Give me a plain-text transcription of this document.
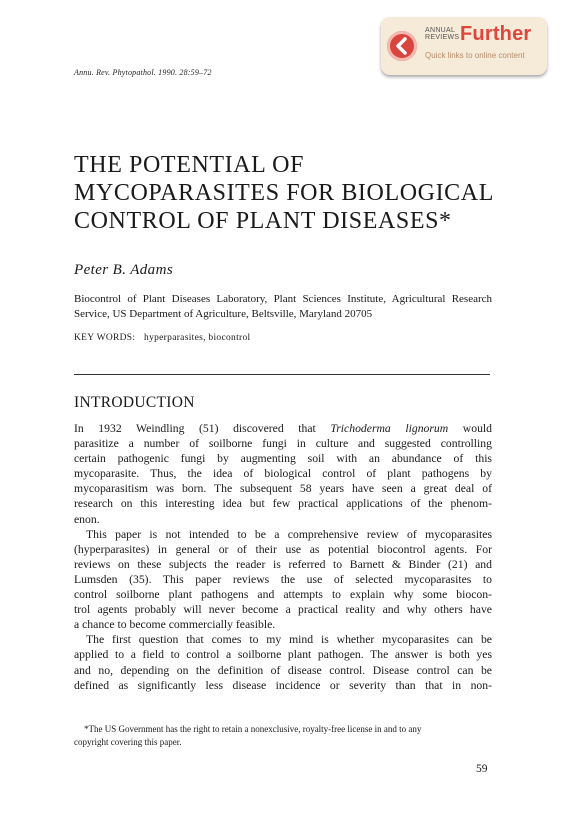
Annu. Rev. Phytopathol. 1990. 28:59–72
ANNUAL
REVIEWS Further
Quick links to online content
THE POTENTIAL OF
MYCOPARASITES FOR BIOLOGICAL
CONTROL OF PLANT DISEASES*
Peter B. Adams
Biocontrol of Plant Diseases Laboratory, Plant Sciences Institute, Agricultural Research Service, US Department of Agriculture, Beltsville, Maryland 20705
KEY WORDS: hyperparasites, biocontrol
INTRODUCTION
In 1932 Weindling (51) discovered that Trichoderma lignorum would
parasitize a number of soilborne fungi in culture and suggested controlling
certain pathogenic fungi by augmenting soil with an abundance of this
mycoparasite. Thus, the idea of biological control of plant pathogens by
mycoparasitism was born. The subsequent 58 years have seen a great deal of
research on this interesting idea but few practical applications of the phenom-
enon.
This paper is not intended to be a comprehensive review of mycoparasites
(hyperparasites) in general or of their use as potential biocontrol agents. For
reviews on these subjects the reader is referred to Barnett & Binder (21) and
Lumsden (35). This paper reviews the use of selected mycoparasites to
control soilborne plant pathogens and attempts to explain why some biocon-
trol agents probably will never become a practical reality and why others have
a chance to become commercially feasible.
The first question that comes to my mind is whether mycoparasites can be
applied to a field to control a soilborne plant pathogen. The answer is both yes
and no, depending on the definition of disease control. Disease control can be
defined as significantly less disease incidence or severity than that in non-
*The US Government has the right to retain a nonexclusive, royalty-free license in and to any
copyright covering this paper.
59
